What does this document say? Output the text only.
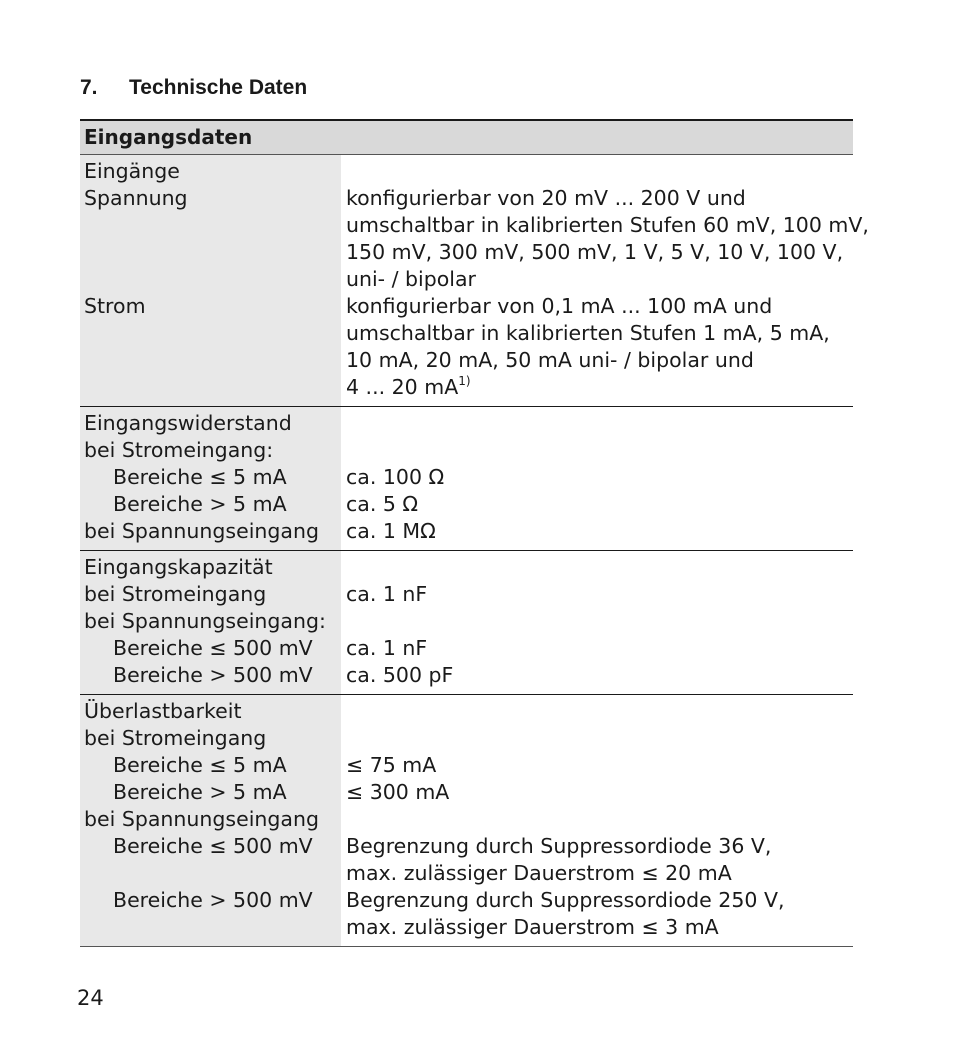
7. Technische Daten
Eingangsdaten
Eingänge
Spannung
Strom
konfigurierbar von 20 mV ... 200 V und
umschaltbar in kalibrierten Stufen 60 mV, 100 mV,
150 mV, 300 mV, 500 mV, 1 V, 5 V, 10 V, 100 V,
uni- / bipolar
konfigurierbar von 0,1 mA ... 100 mA und
umschaltbar in kalibrierten Stufen 1 mA, 5 mA,
10 mA, 20 mA, 50 mA uni- / bipolar und
4 ... 20 $mA^{1)}$
Eingangswiderstand
bei Stromeingang:
Bereiche ≤ 5 mA
Bereiche > 5 mA
bei Spannungseingang
ca. 100 Ω
ca. 5 Ω
ca. 1 MΩ
Eingangskapazität
bei Stromeingang
bei Spannungseingang:
Bereiche ≤ 500 mV
Bereiche > 500 mV
ca. 1 nF
ca. 1 nF
ca. 500 pF
Überlastbarkeit
bei Stromeingang
Bereiche ≤ 5 mA
Bereiche > 5 mA
bei Spannungseingang
Bereiche ≤ 500 mV
Bereiche > 500 mV
≤ 75 mA
≤ 300 mA
Begrenzung durch Suppressordiode 36 V,
max. zulässiger Dauerstrom ≤ 20 mA
Begrenzung durch Suppressordiode 250 V,
max. zulässiger Dauerstrom ≤ 3 mA
24
